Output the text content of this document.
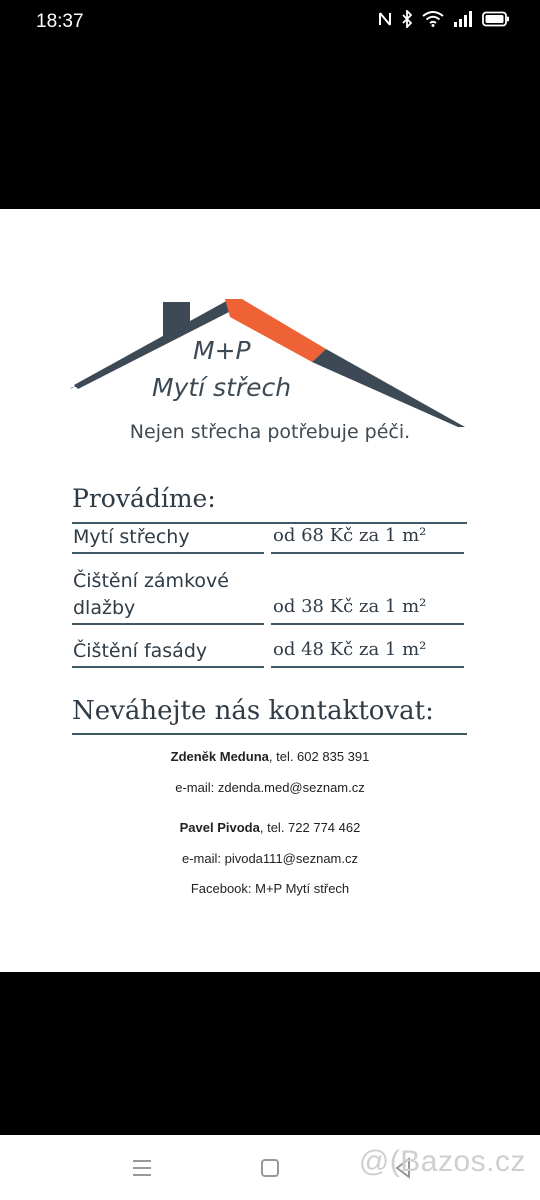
18:37
M+P
Mytí střech
Nejen střecha potřebuje péči.
Provádíme:
Mytí střechy	od 68 Kč za 1 m²
Čištění zámkové
dlažby	od 38 Kč za 1 m²
Čištění fasády	od 48 Kč za 1 m²
Neváhejte nás kontaktovat:
Zdeněk Meduna, tel. 602 835 391
e-mail: zdenda.med@seznam.cz
Pavel Pivoda, tel. 722 774 462
e-mail: pivoda111@seznam.cz
Facebook: M+P Mytí střech
@(Bazos.cz
